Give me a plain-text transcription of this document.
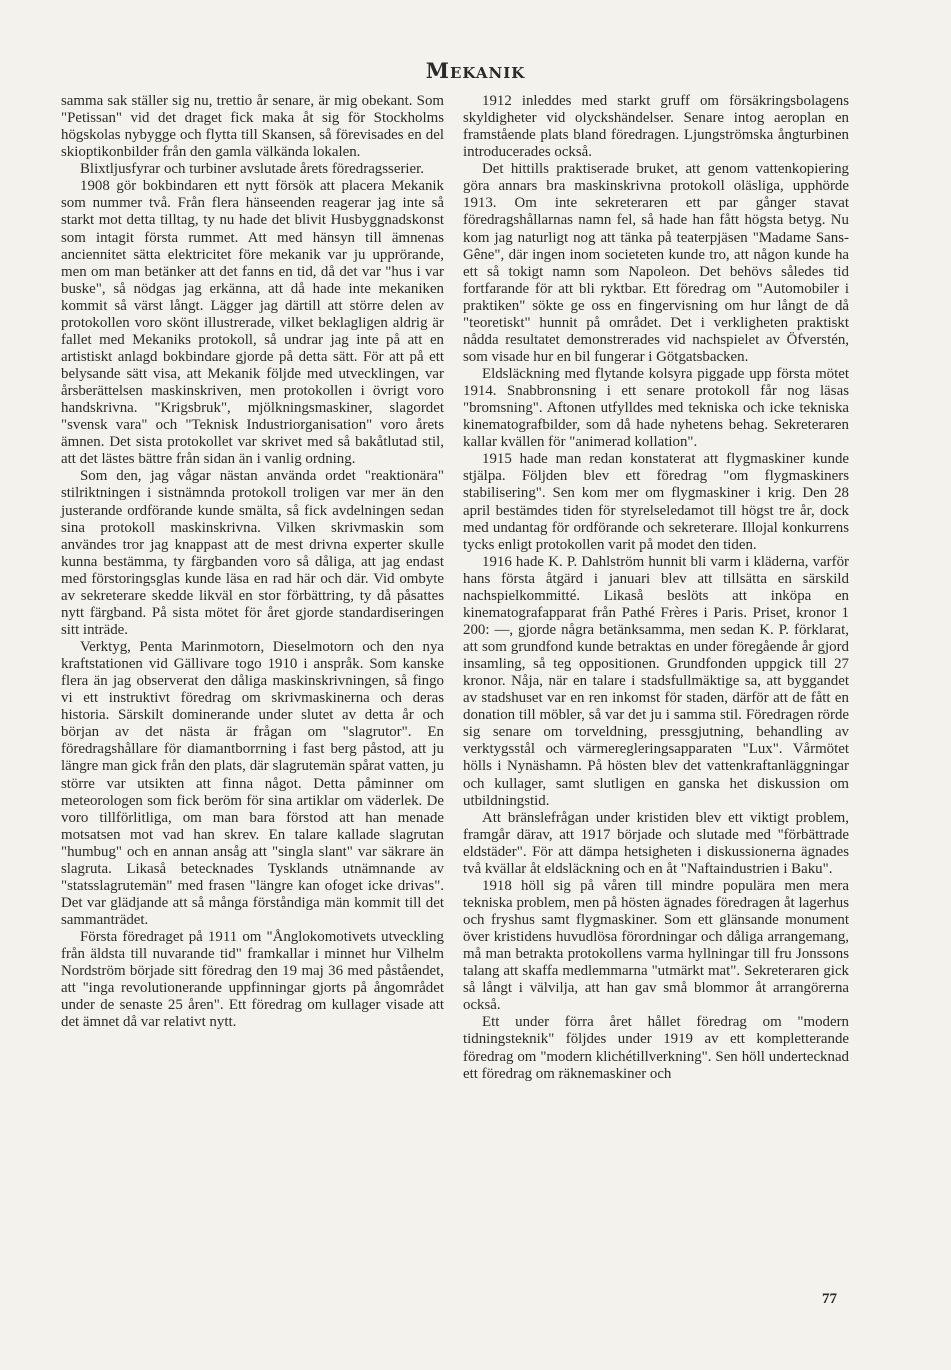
Mekanik

samma sak ställer sig nu, trettio år senare, är mig obekant. Som "Petissan" vid det draget fick maka åt sig för Stockholms högskolas nybygge och flytta till Skansen, så förevisades en del skioptikonbilder från den gamla välkända lokalen.

Blixtljusfyrar och turbiner avslutade årets föredragsserier.

1908 gör bokbindaren ett nytt försök att placera Mekanik som nummer två. Från flera hänseenden reagerar jag inte så starkt mot detta tilltag, ty nu hade det blivit Husbyggnadskonst som intagit första rummet. Att med hänsyn till ämnenas anciennitet sätta elektricitet före mekanik var ju upprörande, men om man betänker att det fanns en tid, då det var "hus i var buske", så nödgas jag erkänna, att då hade inte mekaniken kommit så värst långt. Lägger jag därtill att större delen av protokollen voro skönt illustrerade, vilket beklagligen aldrig är fallet med Mekaniks protokoll, så undrar jag inte på att en artistiskt anlagd bokbindare gjorde på detta sätt. För att på ett belysande sätt visa, att Mekanik följde med utvecklingen, var årsberättelsen maskinskriven, men protokollen i övrigt voro handskrivna. "Krigsbruk", mjölkningsmaskiner, slagordet "svensk vara" och "Teknisk Industriorganisation" voro årets ämnen. Det sista protokollet var skrivet med så bakåtlutad stil, att det lästes bättre från sidan än i vanlig ordning.

Som den, jag vågar nästan använda ordet "reaktionära" stilriktningen i sistnämnda protokoll troligen var mer än den justerande ordförande kunde smälta, så fick avdelningen sedan sina protokoll maskinskrivna. Vilken skrivmaskin som användes tror jag knappast att de mest drivna experter skulle kunna bestämma, ty färgbanden voro så dåliga, att jag endast med förstoringsglas kunde läsa en rad här och där. Vid ombyte av sekreterare skedde likväl en stor förbättring, ty då påsattes nytt färgband. På sista mötet för året gjorde standardiseringen sitt inträde.

Verktyg, Penta Marinmotorn, Dieselmotorn och den nya kraftstationen vid Gällivare togo 1910 i anspråk. Som kanske flera än jag observerat den dåliga maskinskrivningen, så fingo vi ett instruktivt föredrag om skrivmaskinerna och deras historia. Särskilt dominerande under slutet av detta år och början av det nästa är frågan om "slagrutor". En föredragshållare för diamantborrning i fast berg påstod, att ju längre man gick från den plats, där slagrutemän spårat vatten, ju större var utsikten att finna något. Detta påminner om meteorologen som fick beröm för sina artiklar om väderlek. De voro tillförlitliga, om man bara förstod att han menade motsatsen mot vad han skrev. En talare kallade slagrutan "humbug" och en annan ansåg att "singla slant" var säkrare än slagruta. Likaså betecknades Tysklands utnämnande av "statsslagrutemän" med frasen "längre kan ofoget icke drivas". Det var glädjande att så många förståndiga män kommit till det sammanträdet.

Första föredraget på 1911 om "Ånglokomotivets utveckling från äldsta till nuvarande tid" framkallar i minnet hur Vilhelm Nordström började sitt föredrag den 19 maj 36 med påståendet, att "inga revolutionerande uppfinningar gjorts på ångområdet under de senaste 25 åren". Ett föredrag om kullager visade att det ämnet då var relativt nytt.

1912 inleddes med starkt gruff om försäkringsbolagens skyldigheter vid olyckshändelser. Senare intog aeroplan en framstående plats bland föredragen. Ljungströmska ångturbinen introducerades också.

Det hittills praktiserade bruket, att genom vattenkopiering göra annars bra maskinskrivna protokoll oläsliga, upphörde 1913. Om inte sekreteraren ett par gånger stavat föredragshållarnas namn fel, så hade han fått högsta betyg. Nu kom jag naturligt nog att tänka på teaterpjäsen "Madame Sans-Gêne", där ingen inom societeten kunde tro, att någon kunde ha ett så tokigt namn som Napoleon. Det behövs således tid fortfarande för att bli ryktbar. Ett föredrag om "Automobiler i praktiken" sökte ge oss en fingervisning om hur långt de då "teoretiskt" hunnit på området. Det i verkligheten praktiskt nådda resultatet demonstrerades vid nachspielet av Öfverstén, som visade hur en bil fungerar i Götgatsbacken.

Eldsläckning med flytande kolsyra piggade upp första mötet 1914. Snabbronsning i ett senare protokoll får nog läsas "bromsning". Aftonen utfylldes med tekniska och icke tekniska kinematografbilder, som då hade nyhetens behag. Sekreteraren kallar kvällen för "animerad kollation".

1915 hade man redan konstaterat att flygmaskiner kunde stjälpa. Följden blev ett föredrag "om flygmaskiners stabilisering". Sen kom mer om flygmaskiner i krig. Den 28 april bestämdes tiden för styrelseledamot till högst tre år, dock med undantag för ordförande och sekreterare. Illojal konkurrens tycks enligt protokollen varit på modet den tiden.

1916 hade K. P. Dahlström hunnit bli varm i kläderna, varför hans första åtgärd i januari blev att tillsätta en särskild nachspielkommitté. Likaså beslöts att inköpa en kinematografapparat från Pathé Frères i Paris. Priset, kronor 1 200: —, gjorde några betänksamma, men sedan K. P. förklarat, att som grundfond kunde betraktas en under föregående år gjord insamling, så teg oppositionen. Grundfonden uppgick till 27 kronor. Nåja, när en talare i stadsfullmäktige sa, att byggandet av stadshuset var en ren inkomst för staden, därför att de fått en donation till möbler, så var det ju i samma stil. Föredragen rörde sig senare om torveldning, pressgjutning, behandling av verktygsstål och värmeregleringsapparaten "Lux". Vårmötet hölls i Nynäshamn. På hösten blev det vattenkraftanläggningar och kullager, samt slutligen en ganska het diskussion om utbildningstid.

Att bränslefrågan under kristiden blev ett viktigt problem, framgår därav, att 1917 började och slutade med "förbättrade eldstäder". För att dämpa hetsigheten i diskussionerna ägnades två kvällar åt eldsläckning och en åt "Naftaindustrien i Baku".

1918 höll sig på våren till mindre populära men mera tekniska problem, men på hösten ägnades föredragen åt lagerhus och fryshus samt flygmaskiner. Som ett glänsande monument över kristidens huvudlösa förordningar och dåliga arrangemang, må man betrakta protokollens varma hyllningar till fru Jonssons talang att skaffa medlemmarna "utmärkt mat". Sekreteraren gick så långt i välvilja, att han gav små blommor åt arrangörerna också.

Ett under förra året hållet föredrag om "modern tidningsteknik" följdes under 1919 av ett kompletterande föredrag om "modern klichétillverkning". Sen höll undertecknad ett föredrag om räknemaskiner och

77
